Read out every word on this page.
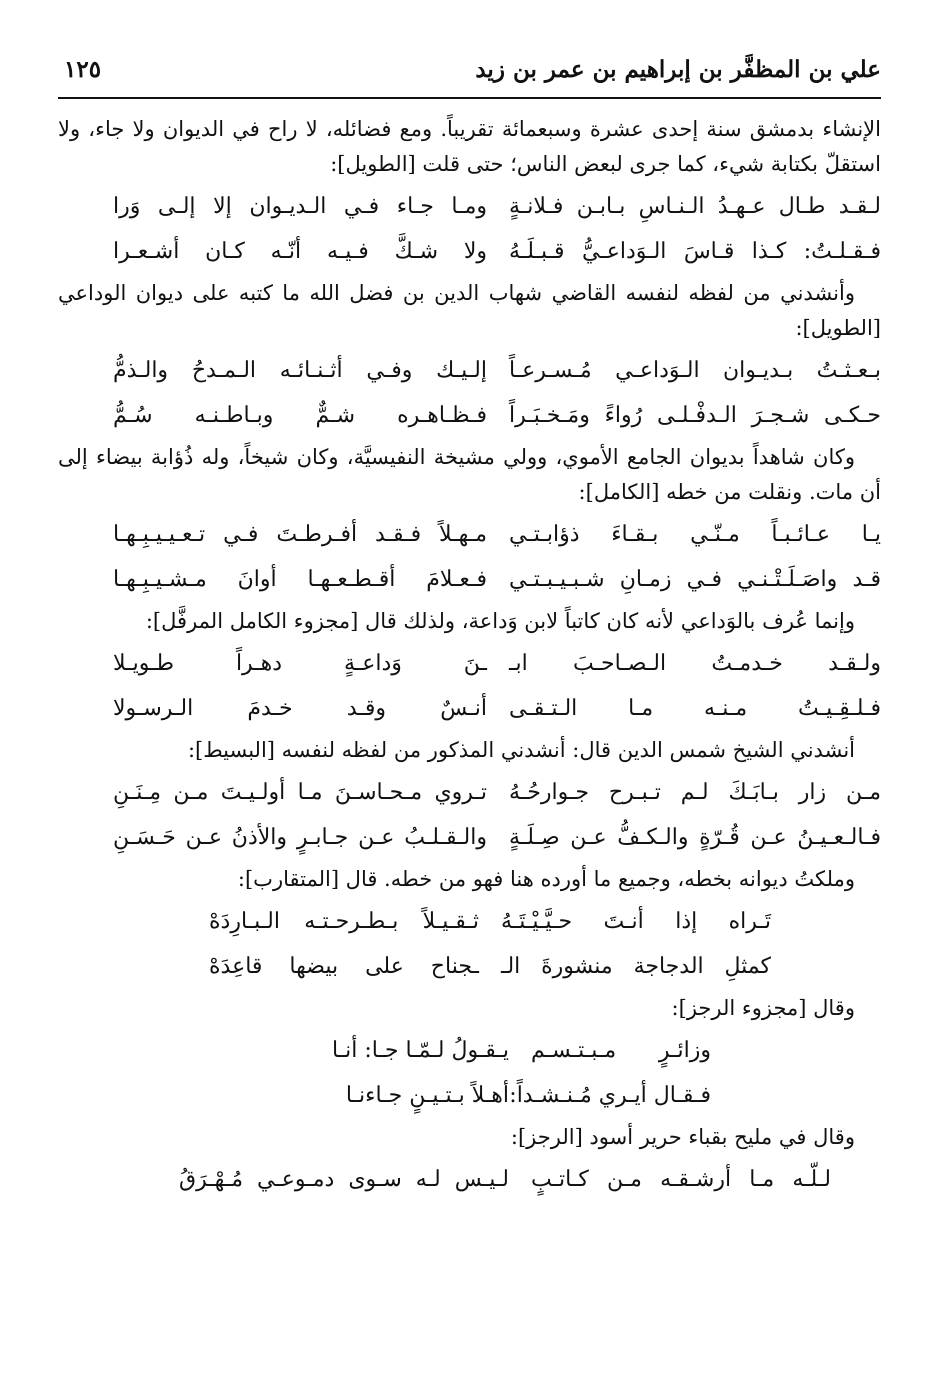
علي بن المظفَّر بن إبراهيم بن عمر بن زيد
١٢٥

الإنشاء بدمشق سنة إحدى عشرة وسبعمائة تقريباً. ومع فضائله، لا راح في الديوان ولا جاء، ولا استقلّ بكتابة شيء، كما جرى لبعض الناس؛ حتى قلت [الطويل]:

لـقـد طـال عـهـدُ الـنـاسِ بـابـن فـلانـةٍ
ومـا جـاء فـي الـديـوان إلا إلـى وَرا
فـقـلـتُ: كـذا قـاسَ الـوَداعـيُّ قـبـلَـهُ
ولا شـكَّ فـيـه أنّـه كـان أشـعـرا

وأنشدني من لفظه لنفسه القاضي شهاب الدين بن فضل الله ما كتبه على ديوان الوداعي [الطويل]:

بـعـثـتُ بـديـوان الـوَداعـي مُـسـرعـاً
إلـيـك وفـي أثـنـائـه الـمـدحُ والـذمُّ
حـكـى شـجـرَ الـدفْـلـى رُواءً ومَـخـبَـراً
فـظـاهـره شـمٌّ وبـاطـنـه سُـمُّ

وكان شاهداً بديوان الجامع الأموي، وولي مشيخة النفيسيَّة، وكان شيخاً، وله ذُؤابة بيضاء إلى أن مات. ونقلت من خطه [الكامل]:

يـا عـائـبـاً مـنّـي بـقـاءَ ذؤابـتـي
مـهـلاً فـقـد أفـرطـتَ فـي تـعـيـيـبِـهـا
قـد واصَـلَـتْـنـي فـي زمـانِ شـبـيـبـتـي
فـعـلامَ أقـطـعـهـا أوانَ مـشـيـبِـهـا

وإنما عُرف بالوَداعي لأنه كان كاتباً لابن وَداعة، ولذلك قال [مجزوء الكامل المرفَّل]:

ولـقـد خـدمـتُ الـصـاحـبَ ابـ
ـنَ وَداعـةٍ دهـراً طـويـلا
فـلـقِـيـتُ مـنـه مـا الـتـقـى
أنـسٌ وقـد خـدمَ الـرسـولا

أنشدني الشيخ شمس الدين قال: أنشدني المذكور من لفظه لنفسه [البسيط]:

مـن زار بـابَـكَ لـم تـبـرح جـوارحُـهُ
تـروي مـحـاسـنَ مـا أولـيـتَ مـن مِـنَـنِ
فـالـعـيـنُ عـن قُـرّةٍ والـكـفُّ عـن صِـلَـةٍ
والـقـلـبُ عـن جـابـرٍ والأذنُ عـن حَـسَـنِ

وملكتُ ديوانه بخطه، وجميع ما أورده هنا فهو من خطه. قال [المتقارب]:

تَـراه إذا أنـتَ حـيَّـيْـتَـهُ
ثـقـيـلاً بـطـرحـتـه الـبـارِدَهْ
كمثلِ الدجاجة منشورةَ الـ
ـجناح على بيضها قاعِدَهْ

وقال [مجزوء الرجز]:

وزائـرٍ مـبـتـسـم
يـقـولُ لـمّـا جـا: أنـا
فـقـال أيـري مُـنـشـداً:
أهـلاً بـتـيـنٍ جـاءنـا

وقال في مليح بقباء حرير أسود [الرجز]:

لـلّـه مـا أرشـقـه مـن كـاتـبٍ
لـيـس لـه سـوى دمـوعـي مُـهْـرَقُ
